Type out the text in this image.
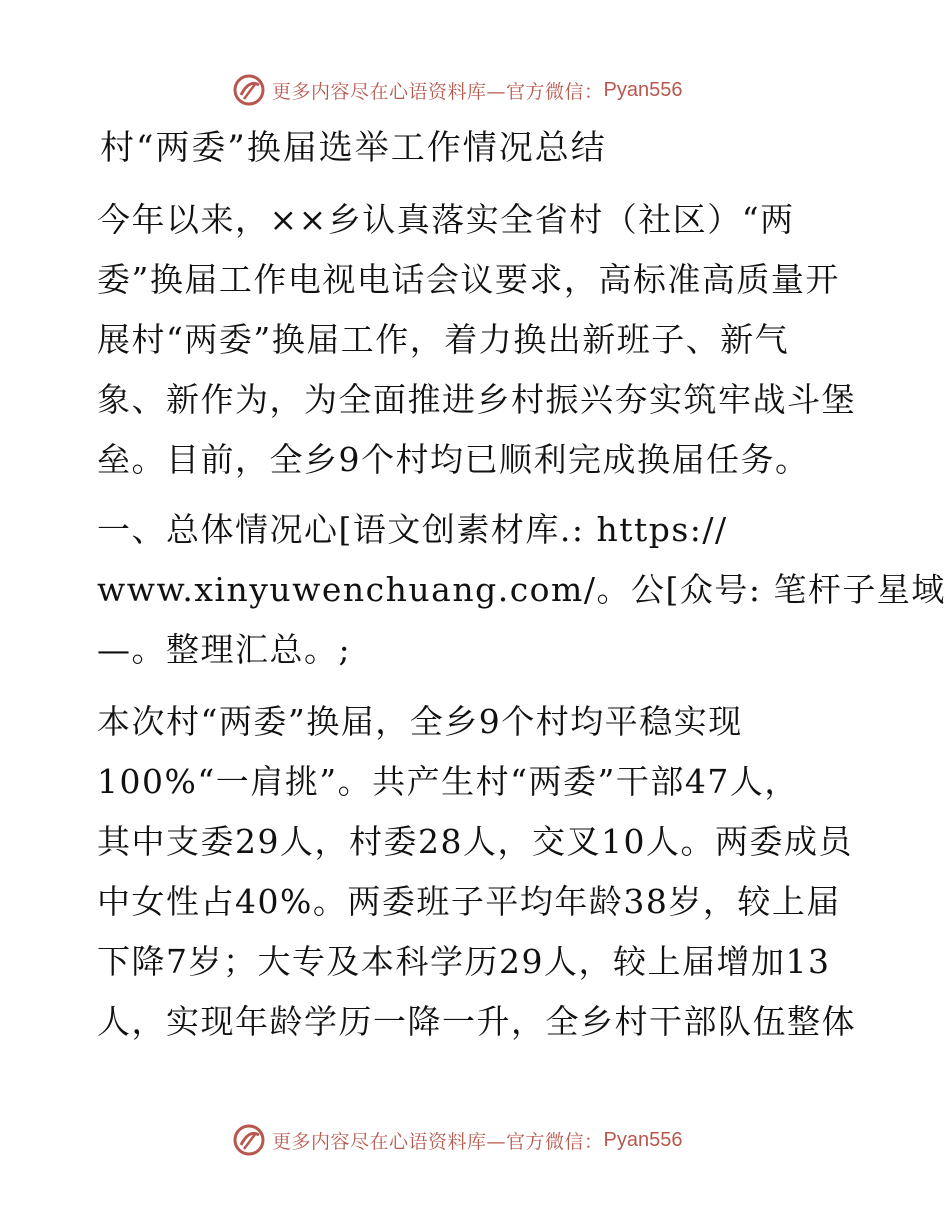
更多内容尽在心语资料库—官方微信： Pyan556
村“两委”换届选举工作情况总结
今年以来，××乡认真落实全省村（社区）“两
委”换届工作电视电话会议要求，高标准高质量开
展村“两委”换届工作，着力换出新班子、新气
象、新作为，为全面推进乡村振兴夯实筑牢战斗堡
垒。目前，全乡9个村均已顺利完成换届任务。
一、总体情况心[语文创素材库.: https://
www.xinyuwenchuang.com/。公[众号: 笔杆子星域
—。整理汇总。;
本次村“两委”换届，全乡9个村均平稳实现
100%“一肩挑”。共产生村“两委”干部47人，
其中支委29人，村委28人，交叉10人。两委成员
中女性占40%。两委班子平均年龄38岁，较上届
下降7岁；大专及本科学历29人，较上届增加13
人，实现年龄学历一降一升，全乡村干部队伍整体
更多内容尽在心语资料库—官方微信： Pyan556
